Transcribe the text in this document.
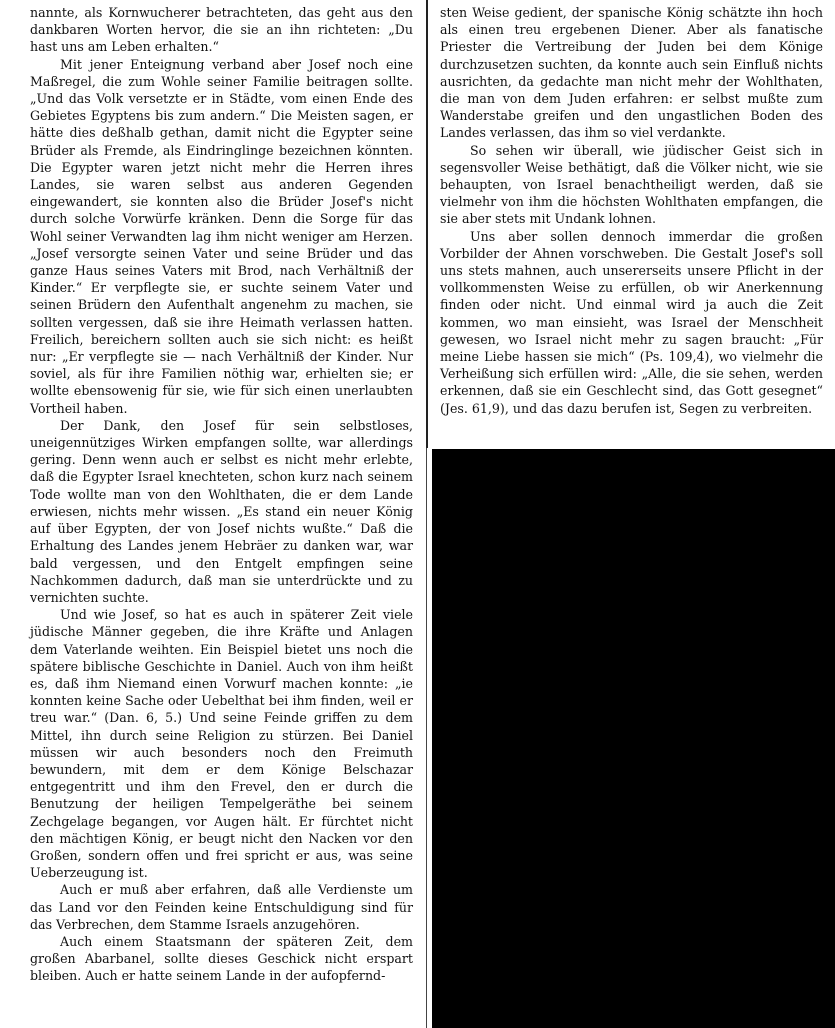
nannte, als Kornwucherer betrachteten, das geht aus den dankbaren Worten hervor, die sie an ihn richteten: „Du hast uns am Leben erhalten.“

Mit jener Enteignung verband aber Josef noch eine Maßregel, die zum Wohle seiner Familie beitragen sollte. „Und das Volk versetzte er in Städte, vom einen Ende des Gebietes Egyptens bis zum andern.“ Die Meisten sagen, er hätte dies deßhalb gethan, damit nicht die Egypter seine Brüder als Fremde, als Eindringlinge bezeichnen könnten. Die Egypter waren jetzt nicht mehr die Herren ihres Landes, sie waren selbst aus anderen Gegenden eingewandert, sie konnten also die Brüder Josef's nicht durch solche Vorwürfe kränken. Denn die Sorge für das Wohl seiner Verwandten lag ihm nicht weniger am Herzen. „Josef versorgte seinen Vater und seine Brüder und das ganze Haus seines Vaters mit Brod, nach Verhältniß der Kinder.“ Er verpflegte sie, er suchte seinem Vater und seinen Brüdern den Aufenthalt angenehm zu machen, sie sollten vergessen, daß sie ihre Heimath verlassen hatten. Freilich, bereichern sollten auch sie sich nicht: es heißt nur: „Er verpflegte sie — nach Verhältniß der Kinder. Nur soviel, als für ihre Familien nöthig war, erhielten sie; er wollte ebensowenig für sie, wie für sich einen unerlaubten Vortheil haben.

Der Dank, den Josef für sein selbstloses, uneigennütziges Wirken empfangen sollte, war allerdings gering. Denn wenn auch er selbst es nicht mehr erlebte, daß die Egypter Israel knechteten, schon kurz nach seinem Tode wollte man von den Wohlthaten, die er dem Lande erwiesen, nichts mehr wissen. „Es stand ein neuer König auf über Egypten, der von Josef nichts wußte.“ Daß die Erhaltung des Landes jenem Hebräer zu danken war, war bald vergessen, und den Entgelt empfingen seine Nachkommen dadurch, daß man sie unterdrückte und zu vernichten suchte.

Und wie Josef, so hat es auch in späterer Zeit viele jüdische Männer gegeben, die ihre Kräfte und Anlagen dem Vaterlande weihten. Ein Beispiel bietet uns noch die spätere biblische Geschichte in Daniel. Auch von ihm heißt es, daß ihm Niemand einen Vorwurf machen konnte: „ie konnten keine Sache oder Uebelthat bei ihm finden, weil er treu war.“ (Dan. 6, 5.) Und seine Feinde griffen zu dem Mittel, ihn durch seine Religion zu stürzen. Bei Daniel müssen wir auch besonders noch den Freimuth bewundern, mit dem er dem Könige Belschazar entgegentritt und ihm den Frevel, den er durch die Benutzung der heiligen Tempelgeräthe bei seinem Zechgelage begangen, vor Augen hält. Er fürchtet nicht den mächtigen König, er beugt nicht den Nacken vor den Großen, sondern offen und frei spricht er aus, was seine Ueberzeugung ist.

Auch er muß aber erfahren, daß alle Verdienste um das Land vor den Feinden keine Entschuldigung sind für das Verbrechen, dem Stamme Israels anzugehören.

Auch einem Staatsmann der späteren Zeit, dem großen Abarbanel, sollte dieses Geschick nicht erspart bleiben. Auch er hatte seinem Lande in der aufopfernd-

sten Weise gedient, der spanische König schätzte ihn hoch als einen treu ergebenen Diener. Aber als fanatische Priester die Vertreibung der Juden bei dem Könige durchzusetzen suchten, da konnte auch sein Einfluß nichts ausrichten, da gedachte man nicht mehr der Wohlthaten, die man von dem Juden erfahren: er selbst mußte zum Wanderstabe greifen und den ungastlichen Boden des Landes verlassen, das ihm so viel verdankte.

So sehen wir überall, wie jüdischer Geist sich in segensvoller Weise bethätigt, daß die Völker nicht, wie sie behaupten, von Israel benachtheiligt werden, daß sie vielmehr von ihm die höchsten Wohlthaten empfangen, die sie aber stets mit Undank lohnen.

Uns aber sollen dennoch immerdar die großen Vorbilder der Ahnen vorschweben. Die Gestalt Josef's soll uns stets mahnen, auch unsererseits unsere Pflicht in der vollkommensten Weise zu erfüllen, ob wir Anerkennung finden oder nicht. Und einmal wird ja auch die Zeit kommen, wo man einsieht, was Israel der Menschheit gewesen, wo Israel nicht mehr zu sagen braucht: „Für meine Liebe hassen sie mich“ (Ps. 109,4), wo vielmehr die Verheißung sich erfüllen wird: „Alle, die sie sehen, werden erkennen, daß sie ein Geschlecht sind, das Gott gesegnet“ (Jes. 61,9), und das dazu berufen ist, Segen zu verbreiten.
